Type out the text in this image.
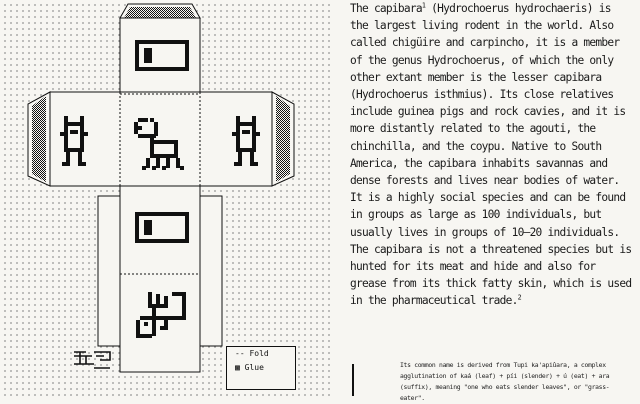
-- Fold
▩ Glue

The capibara$^1$ (Hydrochoerus hydrochaeris) is the largest living rodent in the world. Also called chigüire and carpincho, it is a member of the genus Hydrochoerus, of which the only other extant member is the lesser capibara (Hydrochoerus isthmius). Its close relatives include guinea pigs and rock cavies, and it is more distantly related to the agouti, the chinchilla, and the coypu. Native to South America, the capibara inhabits savannas and dense forests and lives near bodies of water. It is a highly social species and can be found in groups as large as 100 individuals, but usually lives in groups of 10–20 individuals. The capibara is not a threatened species but is hunted for its meat and hide and also for grease from its thick fatty skin, which is used in the pharmaceutical trade.$^2$

Its common name is derived from Tupi ka'apiûara, a complex agglutination of kaá (leaf) + píi (slender) + ú (eat) + ara (suffix), meaning "one who eats slender leaves", or "grass-eater".
